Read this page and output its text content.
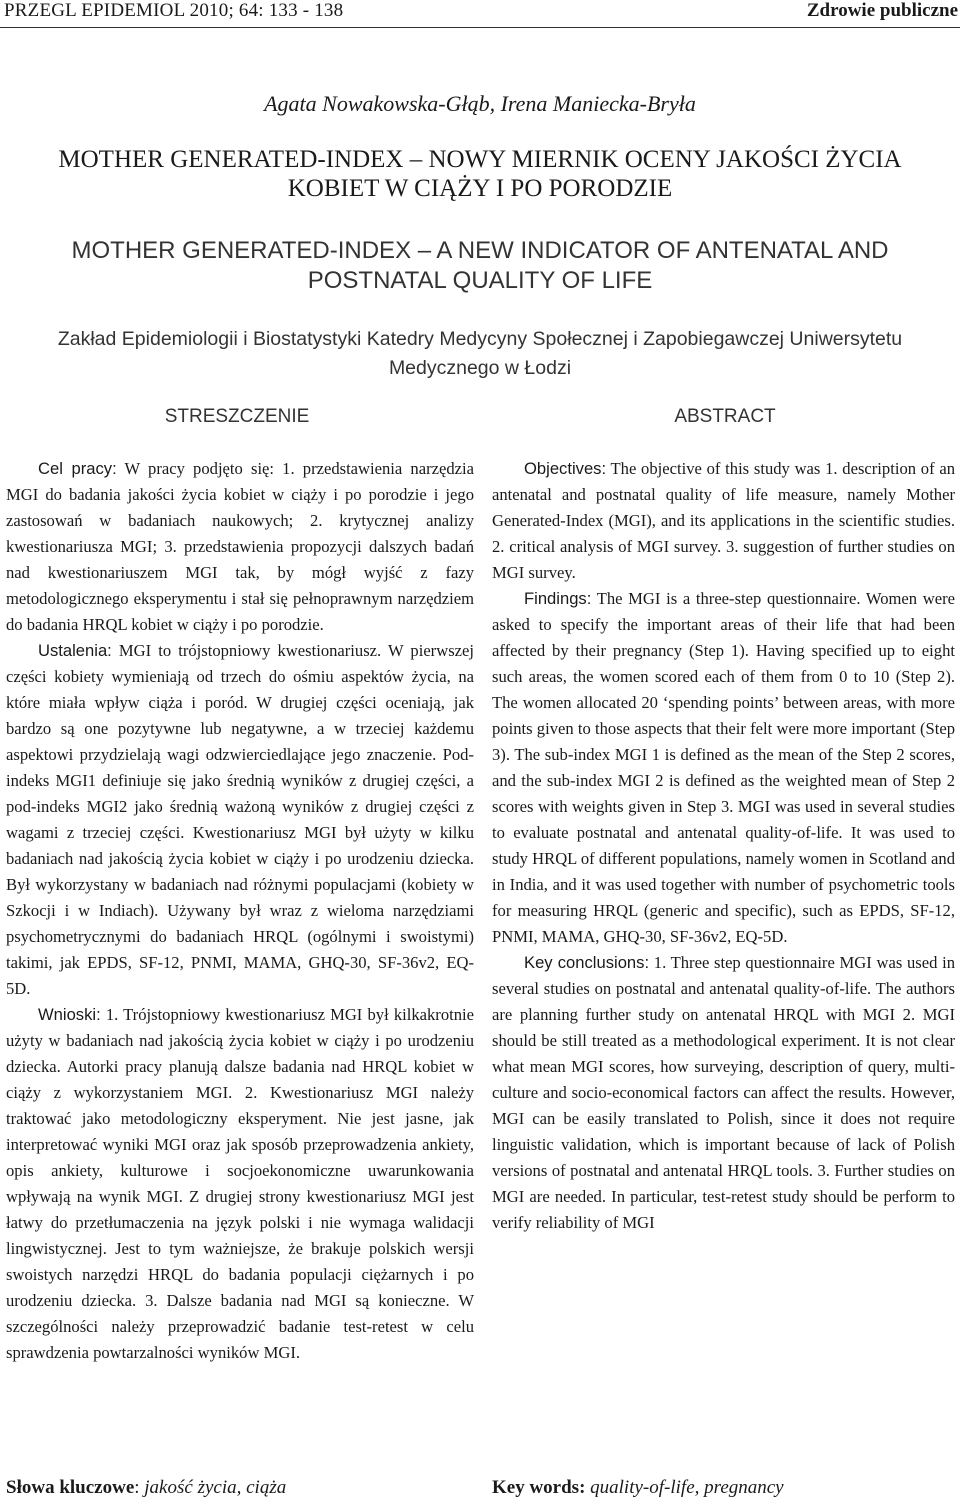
PRZEGL EPIDEMIOL 2010; 64: 133 - 138	Zdrowie publiczne
Agata Nowakowska-Głąb, Irena Maniecka-Bryła
MOTHER GENERATED-INDEX – NOWY MIERNIK OCENY JAKOŚCI ŻYCIA
KOBIET W CIĄŻY I PO PORODZIE
MOTHER GENERATED-INDEX – A NEW INDICATOR OF ANTENATAL AND
POSTNATAL QUALITY OF LIFE
Zakład Epidemiologii i Biostatystyki Katedry Medycyny Społecznej i Zapobiegawczej Uniwersytetu
Medycznego w Łodzi
STRESZCZENIE	ABSTRACT

Cel pracy: W pracy podjęto się: 1. przedstawienia narzędzia MGI do badania jakości życia kobiet w ciąży i po porodzie i jego zastosowań w badaniach naukowych; 2. krytycznej analizy kwestionariusza MGI; 3. przedstawienia propozycji dalszych badań nad kwestionariuszem MGI tak, by mógł wyjść z fazy metodologicznego eksperymentu i stał się pełnoprawnym narzędziem do badania HRQL kobiet w ciąży i po porodzie.

Ustalenia: MGI to trójstopniowy kwestionariusz. W pierwszej części kobiety wymieniają od trzech do ośmiu aspektów życia, na które miała wpływ ciąża i poród. W drugiej części oceniają, jak bardzo są one pozytywne lub negatywne, a w trzeciej każdemu aspektowi przydzielają wagi odzwierciedlające jego znaczenie. Pod-indeks MGI1 definiuje się jako średnią wyników z drugiej części, a pod-indeks MGI2 jako średnią ważoną wyników z drugiej części z wagami z trzeciej części. Kwestionariusz MGI był użyty w kilku badaniach nad jakością życia kobiet w ciąży i po urodzeniu dziecka. Był wykorzystany w badaniach nad różnymi populacjami (kobiety w Szkocji i w Indiach). Używany był wraz z wieloma narzędziami psychometrycznymi do badaniach HRQL (ogólnymi i swoistymi) takimi, jak EPDS, SF-12, PNMI, MAMA, GHQ-30, SF-36v2, EQ-5D.

Wnioski: 1. Trójstopniowy kwestionariusz MGI był kilkakrotnie użyty w badaniach nad jakością życia kobiet w ciąży i po urodzeniu dziecka. Autorki pracy planują dalsze badania nad HRQL kobiet w ciąży z wykorzystaniem MGI. 2. Kwestionariusz MGI należy traktować jako metodologiczny eksperyment. Nie jest jasne, jak interpretować wyniki MGI oraz jak sposób przeprowadzenia ankiety, opis ankiety, kulturowe i socjoekonomiczne uwarunkowania wpływają na wynik MGI. Z drugiej strony kwestionariusz MGI jest łatwy do przetłumaczenia na język polski i nie wymaga walidacji lingwistycznej. Jest to tym ważniejsze, że brakuje polskich wersji swoistych narzędzi HRQL do badania populacji ciężarnych i po urodzeniu dziecka. 3. Dalsze badania nad MGI są konieczne. W szczególności należy przeprowadzić badanie test-retest w celu sprawdzenia powtarzalności wyników MGI.

Objectives: The objective of this study was 1. description of an antenatal and postnatal quality of life measure, namely Mother Generated-Index (MGI), and its applications in the scientific studies. 2. critical analysis of MGI survey. 3. suggestion of further studies on MGI survey.

Findings: The MGI is a three-step questionnaire. Women were asked to specify the important areas of their life that had been affected by their pregnancy (Step 1). Having specified up to eight such areas, the women scored each of them from 0 to 10 (Step 2). The women allocated 20 ‘spending points’ between areas, with more points given to those aspects that their felt were more important (Step 3). The sub-index MGI 1 is defined as the mean of the Step 2 scores, and the sub-index MGI 2 is defined as the weighted mean of Step 2 scores with weights given in Step 3. MGI was used in several studies to evaluate postnatal and antenatal quality-of-life. It was used to study HRQL of different populations, namely women in Scotland and in India, and it was used together with number of psychometric tools for measuring HRQL (generic and specific), such as EPDS, SF-12, PNMI, MAMA, GHQ-30, SF-36v2, EQ-5D.

Key conclusions: 1. Three step questionnaire MGI was used in several studies on postnatal and antenatal quality-of-life. The authors are planning further study on antenatal HRQL with MGI 2. MGI should be still treated as a methodological experiment. It is not clear what mean MGI scores, how surveying, description of query, multi-culture and socio-economical factors can affect the results. However, MGI can be easily translated to Polish, since it does not require linguistic validation, which is important because of lack of Polish versions of postnatal and antenatal HRQL tools. 3. Further studies on MGI are needed. In particular, test-retest study should be perform to verify reliability of MGI

Słowa kluczowe: jakość życia, ciąża	Key words: quality-of-life, pregnancy
